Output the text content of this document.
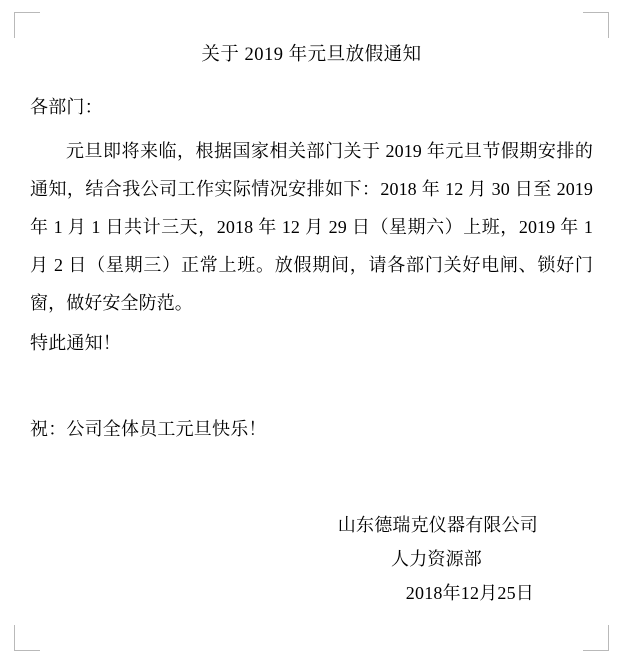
关于 2019 年元旦放假通知

各部门：

元旦即将来临，根据国家相关部门关于 2019 年元旦节假期安排的通知，结合我公司工作实际情况安排如下：2018 年 12 月 30 日至 2019 年 1 月 1 日共计三天，2018 年 12 月 29 日（星期六）上班，2019 年 1 月 2 日（星期三）正常上班。放假期间，请各部门关好电闸、锁好门窗，做好安全防范。

特此通知！

祝：公司全体员工元旦快乐！

山东德瑞克仪器有限公司
人力资源部
2018年12月25日
